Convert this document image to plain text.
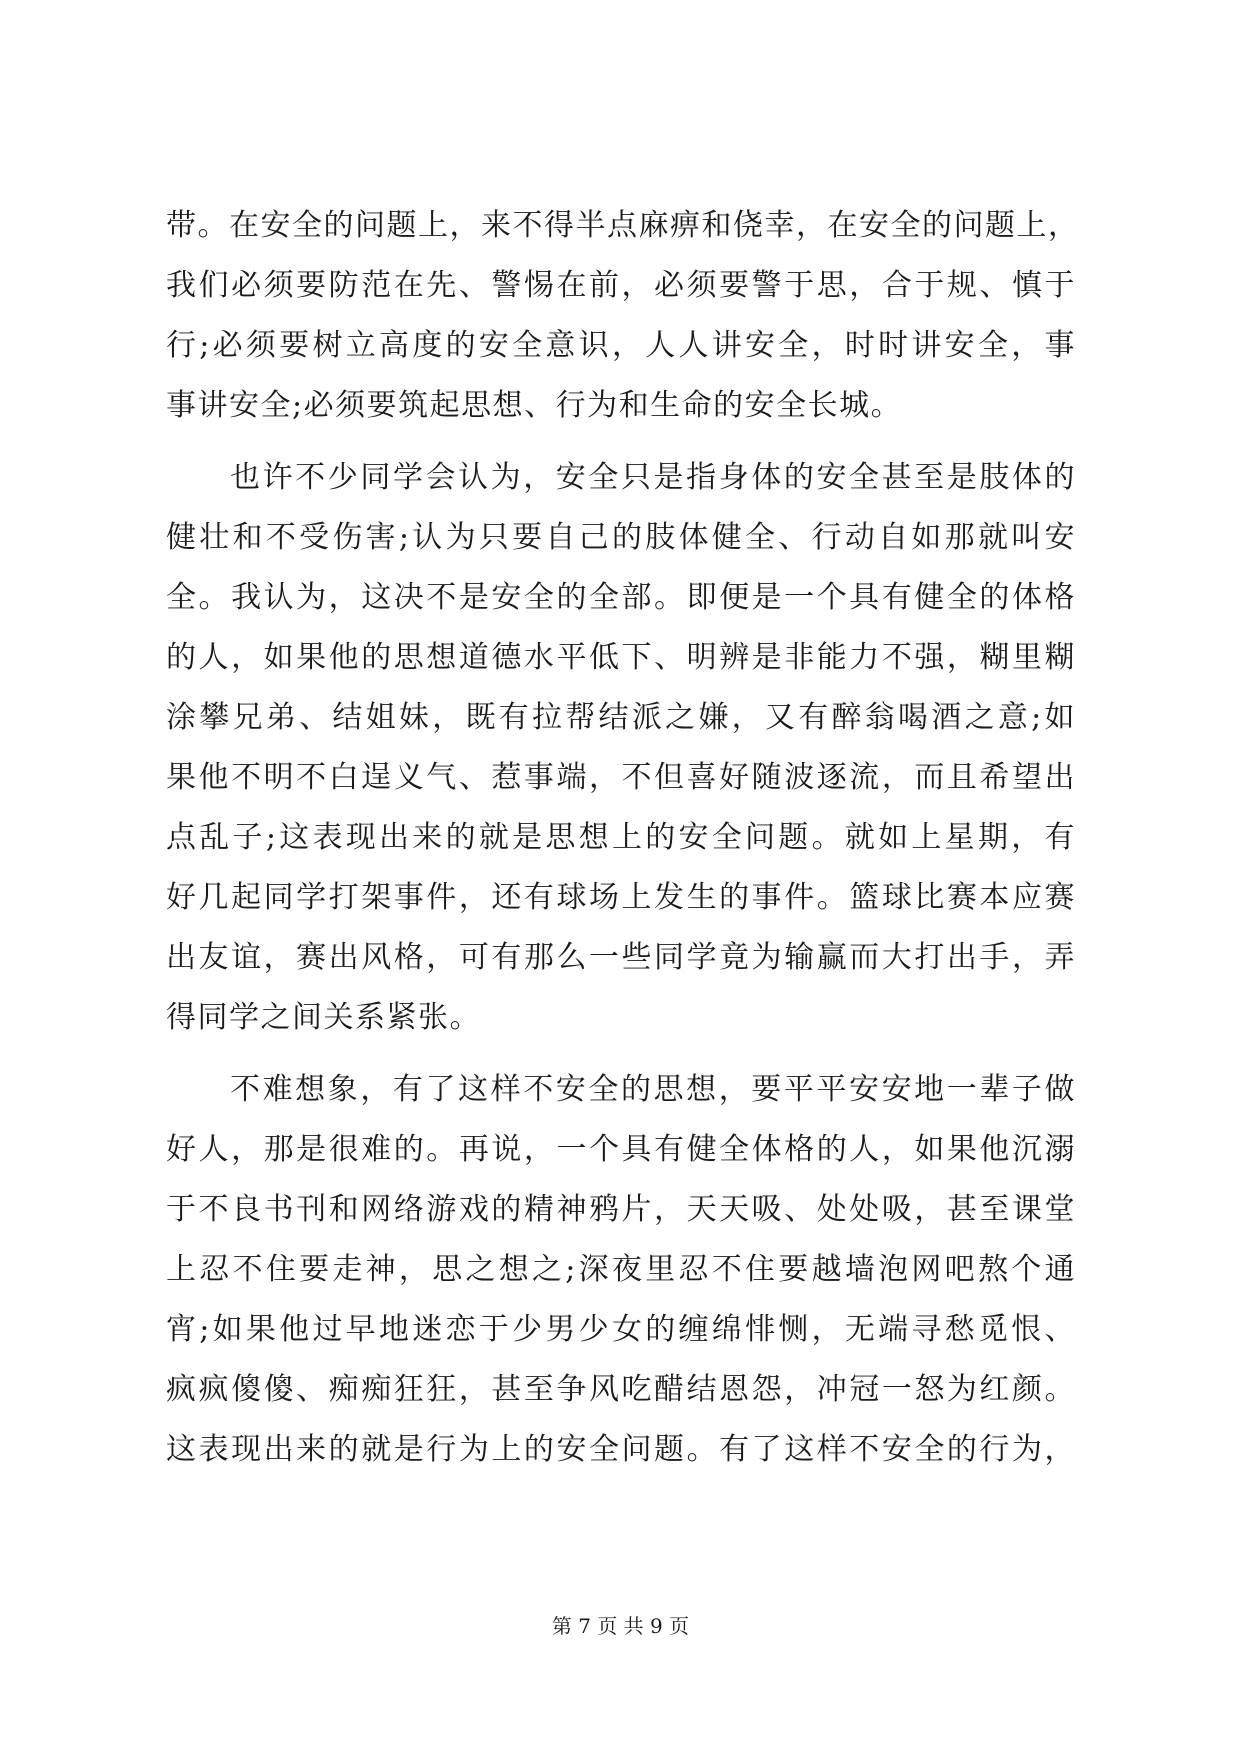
带。在安全的问题上，来不得半点麻痹和侥幸，在安全的问题上，
我们必须要防范在先、警惕在前，必须要警于思，合于规、慎于
行;必须要树立高度的安全意识，人人讲安全，时时讲安全，事
事讲安全;必须要筑起思想、行为和生命的安全长城。
也许不少同学会认为，安全只是指身体的安全甚至是肢体的
健壮和不受伤害;认为只要自己的肢体健全、行动自如那就叫安
全。我认为，这决不是安全的全部。即便是一个具有健全的体格
的人，如果他的思想道德水平低下、明辨是非能力不强，糊里糊
涂攀兄弟、结姐妹，既有拉帮结派之嫌，又有醉翁喝酒之意;如
果他不明不白逞义气、惹事端，不但喜好随波逐流，而且希望出
点乱子;这表现出来的就是思想上的安全问题。就如上星期，有
好几起同学打架事件，还有球场上发生的事件。篮球比赛本应赛
出友谊，赛出风格，可有那么一些同学竟为输赢而大打出手，弄
得同学之间关系紧张。
不难想象，有了这样不安全的思想，要平平安安地一辈子做
好人，那是很难的。再说，一个具有健全体格的人，如果他沉溺
于不良书刊和网络游戏的精神鸦片，天天吸、处处吸，甚至课堂
上忍不住要走神，思之想之;深夜里忍不住要越墙泡网吧熬个通
宵;如果他过早地迷恋于少男少女的缠绵悱恻，无端寻愁觅恨、
疯疯傻傻、痴痴狂狂，甚至争风吃醋结恩怨，冲冠一怒为红颜。
这表现出来的就是行为上的安全问题。有了这样不安全的行为，
第 7 页 共 9 页
